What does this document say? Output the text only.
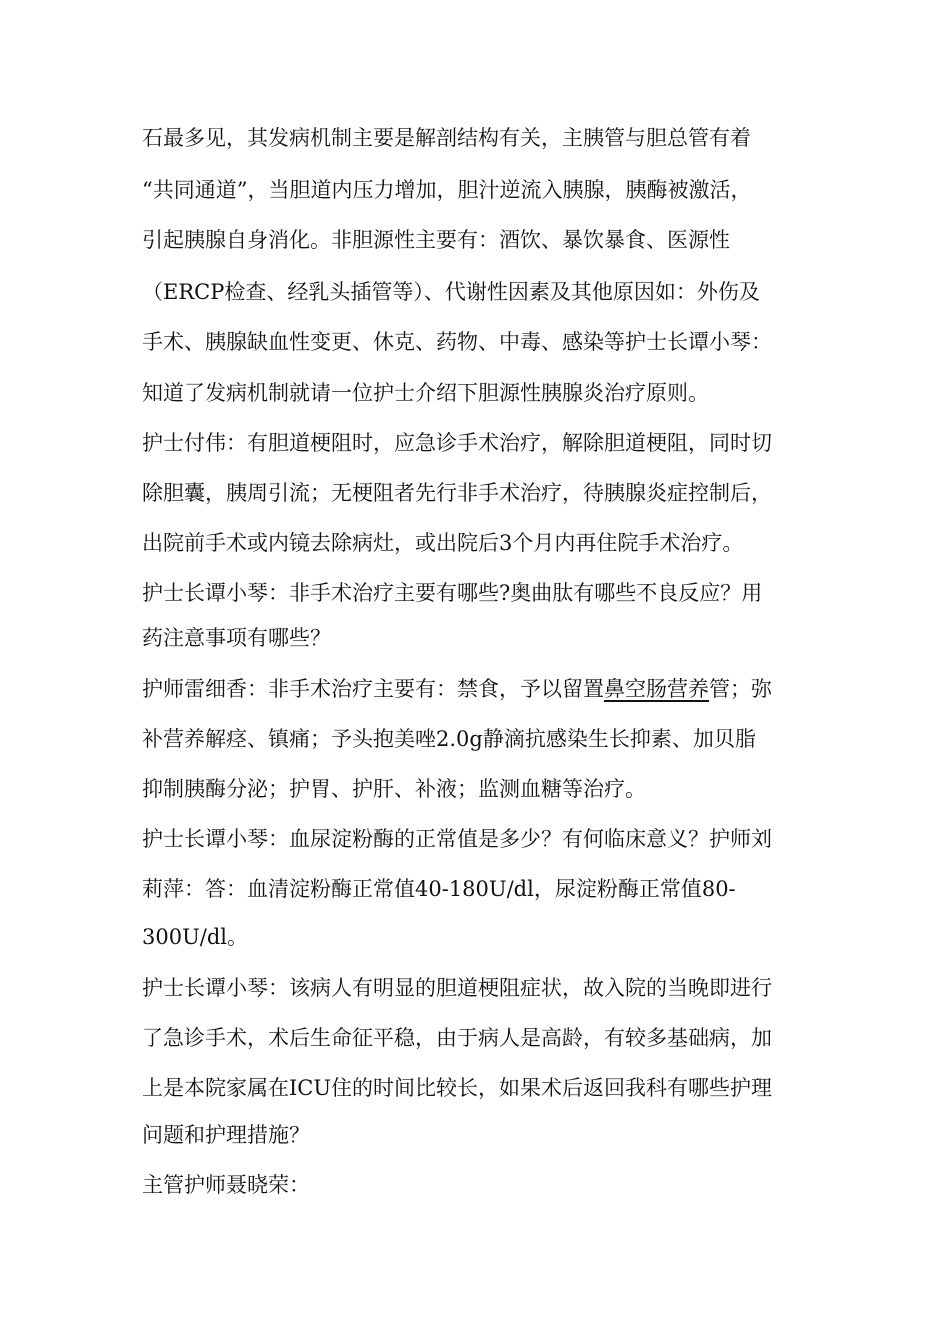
石最多见，其发病机制主要是解剖结构有关，主胰管与胆总管有着
“共同通道”，当胆道内压力增加，胆汁逆流入胰腺，胰酶被激活，
引起胰腺自身消化。非胆源性主要有：酒饮、暴饮暴食、医源性
（ERCP检查、经乳头插管等）、代谢性因素及其他原因如：外伤及
手术、胰腺缺血性变更、休克、药物、中毒、感染等护士长谭小琴：
知道了发病机制就请一位护士介绍下胆源性胰腺炎治疗原则。
护士付伟：有胆道梗阻时，应急诊手术治疗，解除胆道梗阻，同时切
除胆囊，胰周引流；无梗阻者先行非手术治疗，待胰腺炎症控制后，
出院前手术或内镜去除病灶，或出院后3个月内再住院手术治疗。
护士长谭小琴：非手术治疗主要有哪些?奥曲肽有哪些不良反应？用
药注意事项有哪些？
护师雷细香：非手术治疗主要有：禁食，予以留置鼻空肠营养管；弥
补营养解痉、镇痛；予头抱美唑2.0g静滴抗感染生长抑素、加贝脂
抑制胰酶分泌；护胃、护肝、补液；监测血糖等治疗。
护士长谭小琴：血尿淀粉酶的正常值是多少？有何临床意义？护师刘
莉萍：答：血清淀粉酶正常值40-180U/dl，尿淀粉酶正常值80-
300U/dl。
护士长谭小琴：该病人有明显的胆道梗阻症状，故入院的当晚即进行
了急诊手术，术后生命征平稳，由于病人是高龄，有较多基础病，加
上是本院家属在ICU住的时间比较长，如果术后返回我科有哪些护理
问题和护理措施？
主管护师聂晓荣：
